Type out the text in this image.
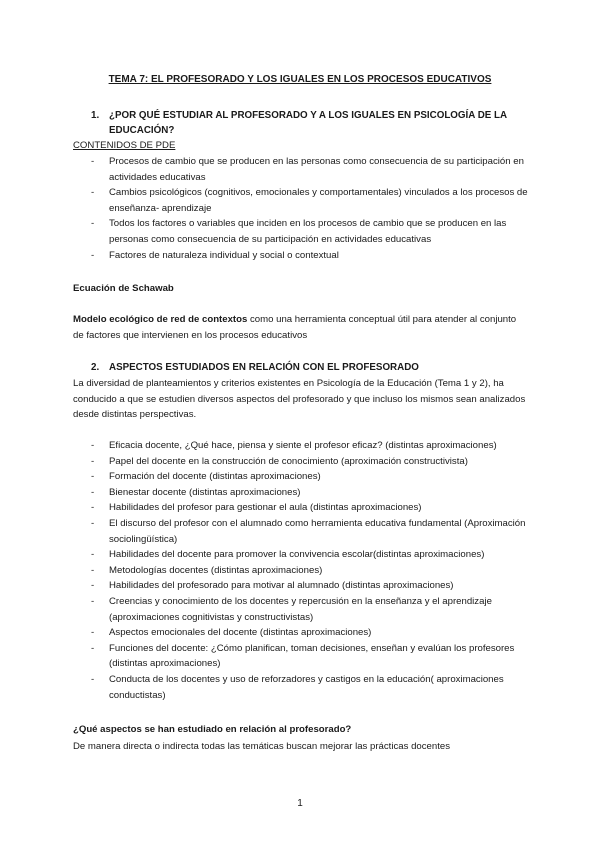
TEMA 7: EL PROFESORADO Y LOS IGUALES EN LOS PROCESOS EDUCATIVOS
1. ¿POR QUÉ ESTUDIAR AL PROFESORADO Y A LOS IGUALES EN PSICOLOGÍA DE LA EDUCACIÓN?
CONTENIDOS DE PDE
- Procesos de cambio que se producen en las personas como consecuencia de su participación en actividades educativas
- Cambios psicológicos (cognitivos, emocionales y comportamentales) vinculados a los procesos de enseñanza- aprendizaje
- Todos los factores o variables que inciden en los procesos de cambio que se producen en las personas como consecuencia de su participación en actividades educativas
- Factores de naturaleza individual y social o contextual
Ecuación de Schawab
Modelo ecológico de red de contextos como una herramienta conceptual útil para atender al conjunto de factores que intervienen en los procesos educativos
2. ASPECTOS ESTUDIADOS EN RELACIÓN CON EL PROFESORADO
La diversidad de planteamientos y criterios existentes en Psicología de la Educación (Tema 1 y 2), ha conducido a que se estudien diversos aspectos del profesorado y que incluso los mismos sean analizados desde distintas perspectivas.
- Eficacia docente, ¿Qué hace, piensa y siente el profesor eficaz? (distintas aproximaciones)
- Papel del docente en la construcción de conocimiento (aproximación constructivista)
- Formación del docente (distintas aproximaciones)
- Bienestar docente (distintas aproximaciones)
- Habilidades del profesor para gestionar el aula (distintas aproximaciones)
- El discurso del profesor con el alumnado como herramienta educativa fundamental (Aproximación sociolingüística)
- Habilidades del docente para promover la convivencia escolar(distintas aproximaciones)
- Metodologías docentes (distintas aproximaciones)
- Habilidades del profesorado para motivar al alumnado (distintas aproximaciones)
- Creencias y conocimiento de los docentes y repercusión en la enseñanza y el aprendizaje (aproximaciones cognitivistas y constructivistas)
- Aspectos emocionales del docente (distintas aproximaciones)
- Funciones del docente: ¿Cómo planifican, toman decisiones, enseñan y evalúan los profesores (distintas aproximaciones)
- Conducta de los docentes y uso de reforzadores y castigos en la educación( aproximaciones conductistas)
¿Qué aspectos se han estudiado en relación al profesorado?
De manera directa o indirecta todas las temáticas buscan mejorar las prácticas docentes
1
